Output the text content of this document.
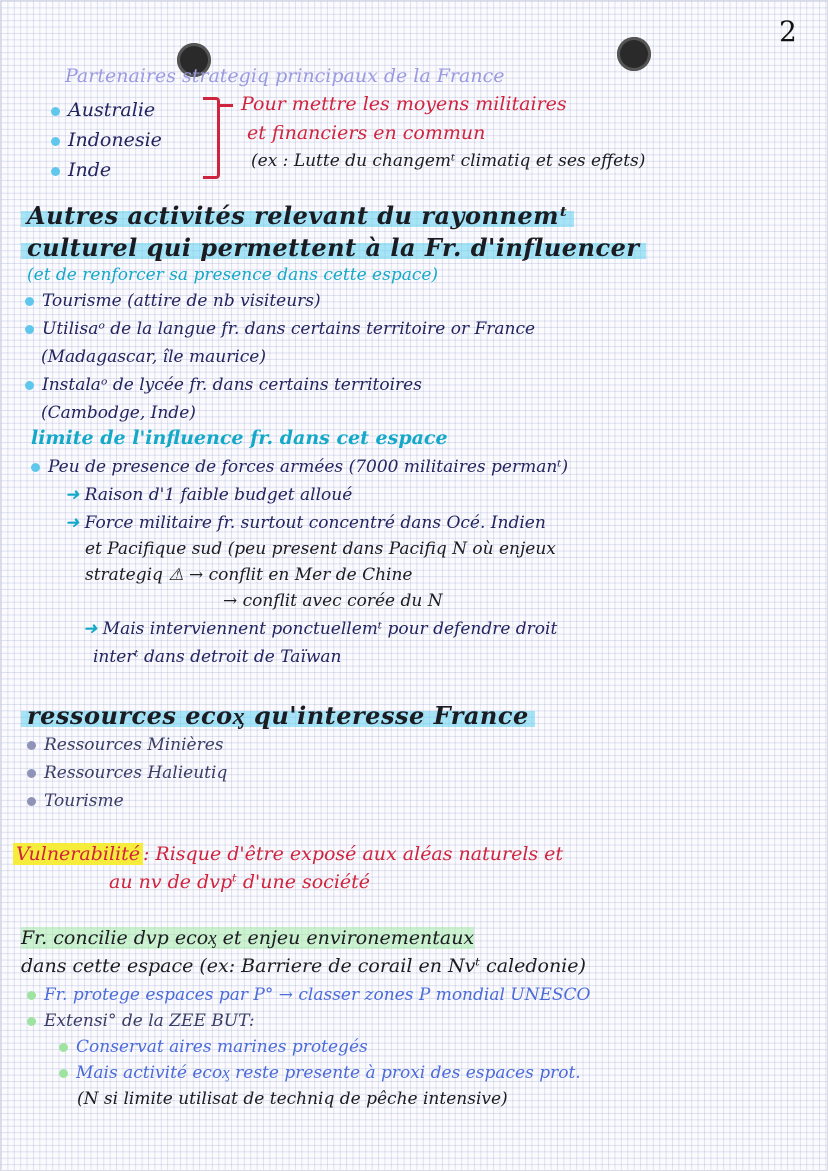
2
Partenaires strategiq principaux de la France
Australie
Indonesie
Inde
Pour mettre les moyens militaires
et financiers en commun
(ex : Lutte du changemᵗ climatiq et ses effets)
Autres activités relevant du rayonnemᵗ
culturel qui permettent à la Fr. d'influencer
(et de renforcer sa presence dans cette espace)
Tourisme (attire de nb visiteurs)
Utilisaᵒ de la langue fr. dans certains territoire or France
(Madagascar, île maurice)
Instalaᵒ de lycée fr. dans certains territoires
(Cambodge, Inde)
limite de l'influence fr. dans cet espace
Peu de presence de forces armées (7000 militaires permanᵗ)
➜ Raison d'1 faible budget alloué
➜ Force militaire fr. surtout concentré dans Océ. Indien
et Pacifique sud (peu present dans Pacifiq N où enjeux
strategiq ⚠ → conflit en Mer de Chine
→ conflit avec corée du N
➜ Mais interviennent ponctuellemᵗ pour defendre droit
interᵗ dans detroit de Taïwan
ressources ecoᶍ qu'interesse France
Ressources Minières
Ressources Halieutiq
Tourisme
Vulnerabilité : Risque d'être exposé aux aléas naturels et
au nv de dvpᵗ d'une société
Fr. concilie dvp ecoᶍ et enjeu environementaux
dans cette espace (ex: Barriere de corail en Nvᵗ caledonie)
Fr. protege espaces par P° → classer zones P mondial UNESCO
Extensi° de la ZEE BUT:
Conservat aires marines protegés
Mais activité ecoᶍ reste presente à proxi des espaces prot.
(N si limite utilisat de techniq de pêche intensive)
